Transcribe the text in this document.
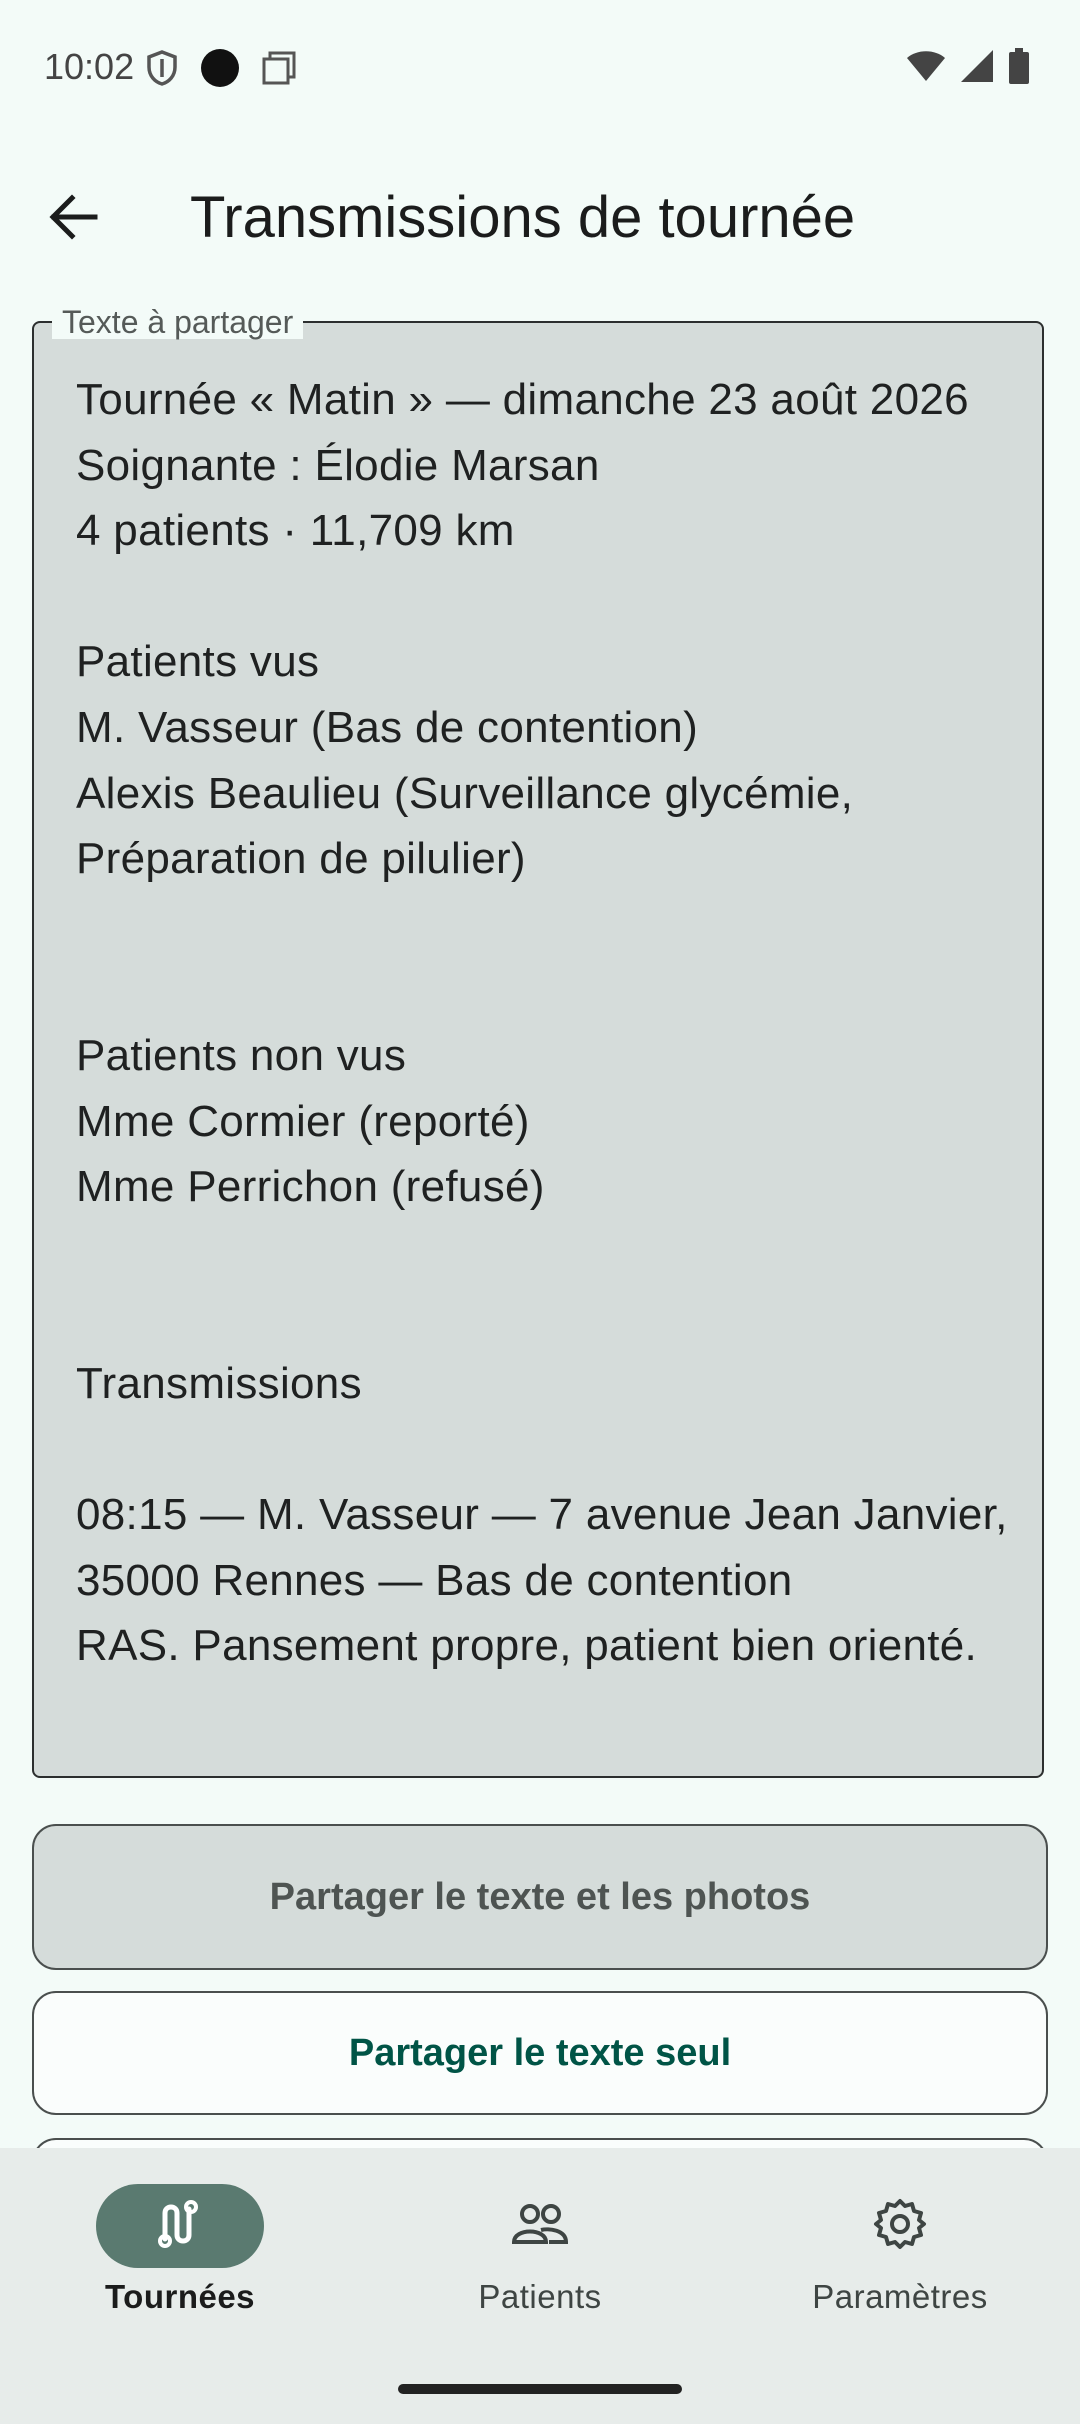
10:02
Transmissions de tournée
Texte à partager
Tournée « Matin » — dimanche 23 août 2026
Soignante : Élodie Marsan
4 patients · 11,709 km

Patients vus
M. Vasseur (Bas de contention)
Alexis Beaulieu (Surveillance glycémie, Préparation de pilulier)

Patients non vus
Mme Cormier (reporté)
Mme Perrichon (refusé)

Transmissions

08:15 — M. Vasseur — 7 avenue Jean Janvier, 35000 Rennes — Bas de contention
RAS. Pansement propre, patient bien orienté.
Partager le texte et les photos
Partager le texte seul
Tournées	Patients	Paramètres
